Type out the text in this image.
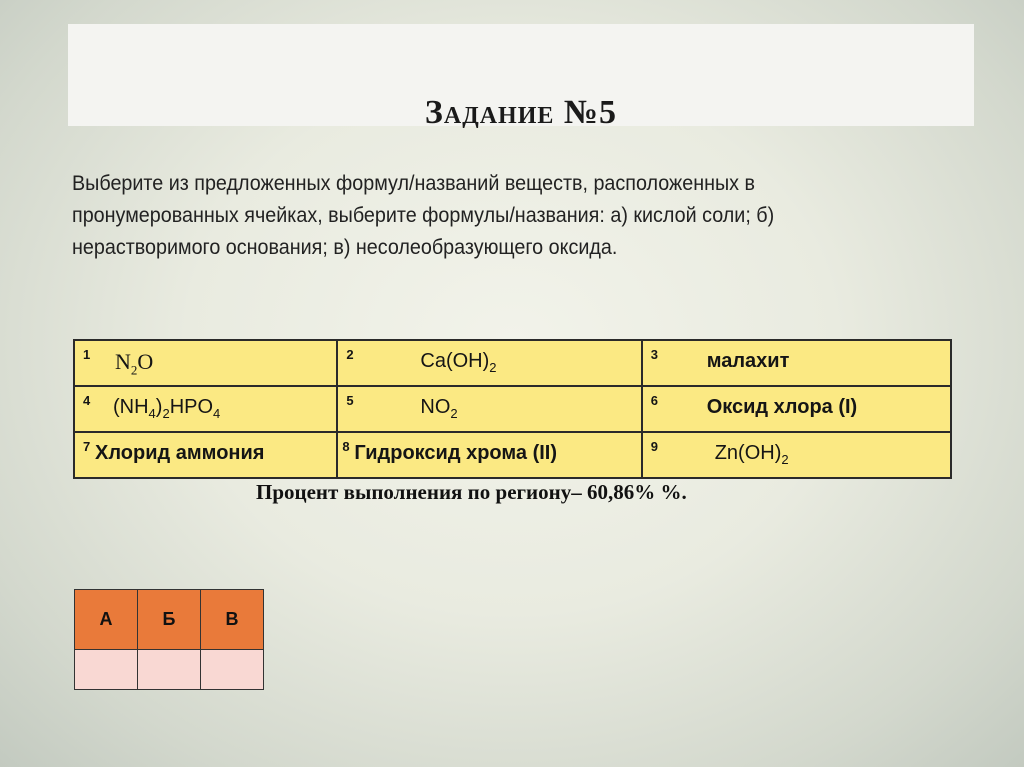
Задание №5
Выберите из предложенных формул/названий веществ, расположенных в пронумерованных ячейках, выберите формулы/названия: а) кислой соли; б) нерастворимого основания; в) несолеобразующего оксида.
1 $N_2O$	2 $Ca(OH)_2$	3 малахит

4 $(NH_4)_2HPO_4$	5 $NO_2$	6 Оксид хлора (I)

7 Хлорид аммония	8 Гидроксид хрома (II)	9 $Zn(OH)_2$
Процент выполнения по региону– 60,86% %.
А	Б	В
